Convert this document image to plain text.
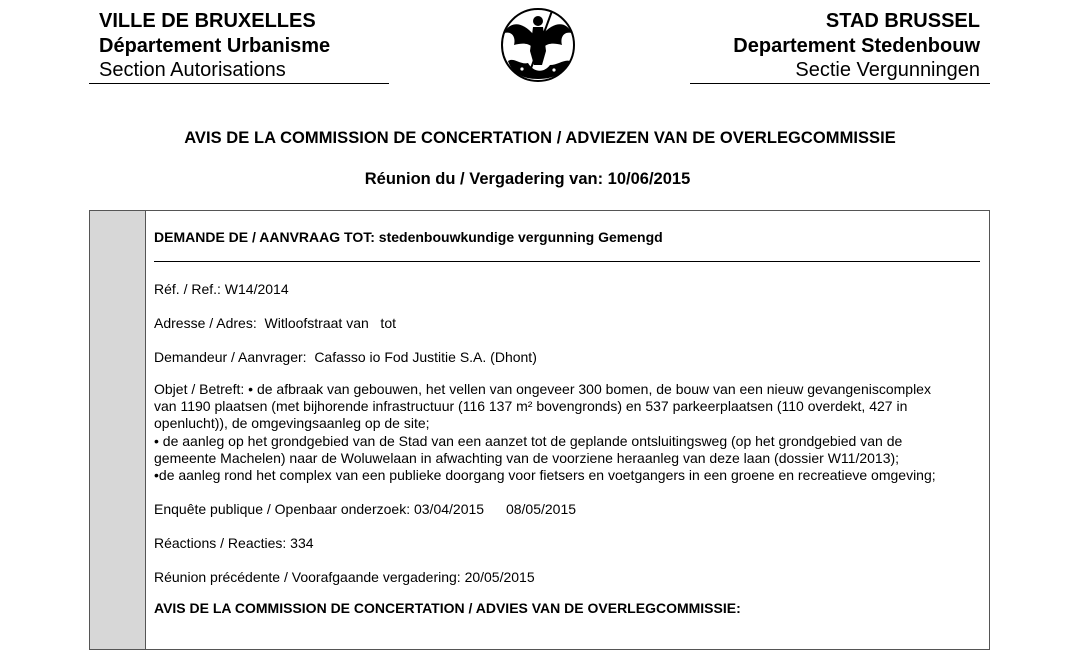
VILLE DE BRUXELLES
Département Urbanisme
Section Autorisations
STAD BRUSSEL
Departement Stedenbouw
Sectie Vergunningen
AVIS DE LA COMMISSION DE CONCERTATION / ADVIEZEN VAN DE OVERLEGCOMMISSIE
Réunion du / Vergadering van: 10/06/2015
DEMANDE DE / AANVRAAG TOT: stedenbouwkundige vergunning Gemengd
Réf. / Ref.: W14/2014
Adresse / Adres: Witloofstraat van   tot
Demandeur / Aanvrager: Cafasso io Fod Justitie S.A. (Dhont)
Objet / Betreft: • de afbraak van gebouwen, het vellen van ongeveer 300 bomen, de bouw van een nieuw gevangeniscomplex
van 1190 plaatsen (met bijhorende infrastructuur (116 137 m² bovengronds) en 537 parkeerplaatsen (110 overdekt, 427 in
openlucht)), de omgevingsaanleg op de site;
• de aanleg op het grondgebied van de Stad van een aanzet tot de geplande ontsluitingsweg (op het grondgebied van de
gemeente Machelen) naar de Woluwelaan in afwachting van de voorziene heraanleg van deze laan (dossier W11/2013);
•de aanleg rond het complex van een publieke doorgang voor fietsers en voetgangers in een groene en recreatieve omgeving;
Enquête publique / Openbaar onderzoek: 03/04/2015 08/05/2015
Réactions / Reacties: 334
Réunion précédente / Voorafgaande vergadering: 20/05/2015
AVIS DE LA COMMISSION DE CONCERTATION / ADVIES VAN DE OVERLEGCOMMISSIE:
